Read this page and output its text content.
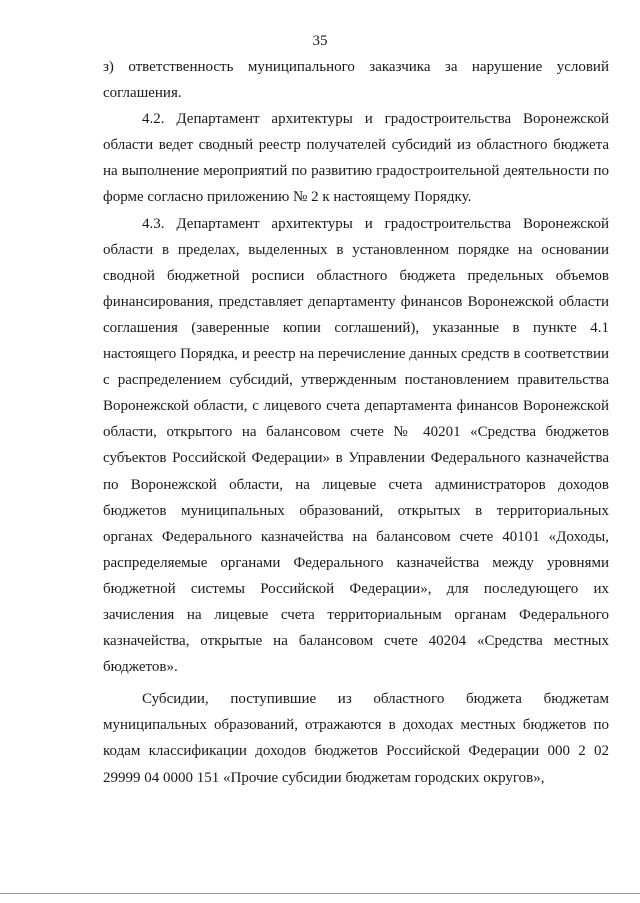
35

з) ответственность муниципального заказчика за нарушение условий соглашения.

4.2. Департамент архитектуры и градостроительства Воронежской области ведет сводный реестр получателей субсидий из областного бюджета на выполнение мероприятий по развитию градостроительной деятельности по форме согласно приложению № 2 к настоящему Порядку.

4.3. Департамент архитектуры и градостроительства Воронежской области в пределах, выделенных в установленном порядке на основании сводной бюджетной росписи областного бюджета предельных объемов финансирования, представляет департаменту финансов Воронежской области соглашения (заверенные копии соглашений), указанные в пункте 4.1 настоящего Порядка, и реестр на перечисление данных средств в соответствии с распределением субсидий, утвержденным постановлением правительства Воронежской области, с лицевого счета департамента финансов Воронежской области, открытого на балансовом счете № 40201 «Средства бюджетов субъектов Российской Федерации» в Управлении Федерального казначейства по Воронежской области, на лицевые счета администраторов доходов бюджетов муниципальных образований, открытых в территориальных органах Федерального казначейства на балансовом счете 40101 «Доходы, распределяемые органами Федерального казначейства между уровнями бюджетной системы Российской Федерации», для последующего их зачисления на лицевые счета территориальным органам Федерального казначейства, открытые на балансовом счете 40204 «Средства местных бюджетов».

Субсидии, поступившие из областного бюджета бюджетам муниципальных образований, отражаются в доходах местных бюджетов по кодам классификации доходов бюджетов Российской Федерации 000 2 02 29999 04 0000 151 «Прочие субсидии бюджетам городских округов»,
